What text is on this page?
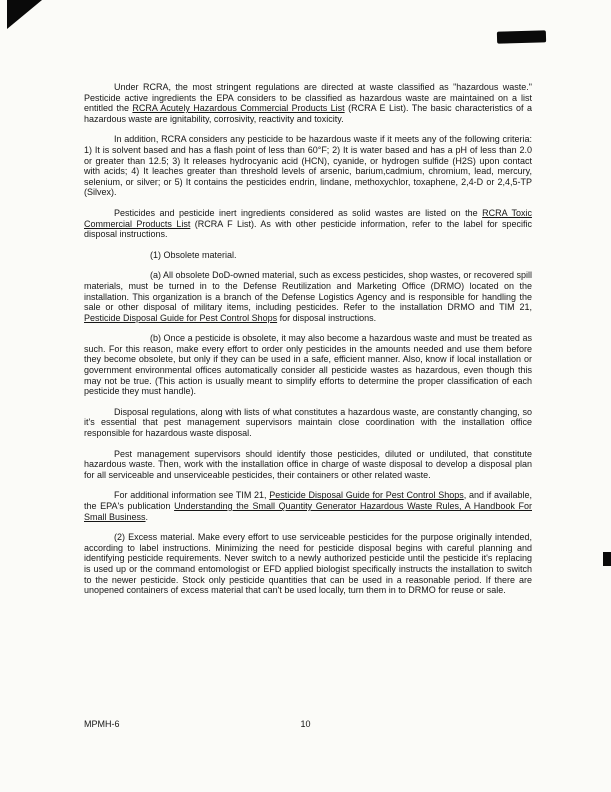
Under RCRA, the most stringent regulations are directed at waste classified as "hazardous waste." Pesticide active ingredients the EPA considers to be classified as hazardous waste are maintained on a list entitled the RCRA Acutely Hazardous Commercial Products List (RCRA E List). The basic characteristics of a hazardous waste are ignitability, corrosivity, reactivity and toxicity.

In addition, RCRA considers any pesticide to be hazardous waste if it meets any of the following criteria: 1) It is solvent based and has a flash point of less than 60°F; 2) It is water based and has a pH of less than 2.0 or greater than 12.5; 3) It releases hydrocyanic acid (HCN), cyanide, or hydrogen sulfide (H2S) upon contact with acids; 4) It leaches greater than threshold levels of arsenic, barium,cadmium, chromium, lead, mercury, selenium, or silver; or 5) It contains the pesticides endrin, lindane, methoxychlor, toxaphene, 2,4-D or 2,4,5-TP (Silvex).

Pesticides and pesticide inert ingredients considered as solid wastes are listed on the RCRA Toxic Commercial Products List (RCRA F List). As with other pesticide information, refer to the label for specific disposal instructions.

(1) Obsolete material.

(a) All obsolete DoD-owned material, such as excess pesticides, shop wastes, or recovered spill materials, must be turned in to the Defense Reutilization and Marketing Office (DRMO) located on the installation. This organization is a branch of the Defense Logistics Agency and is responsible for handling the sale or other disposal of military items, including pesticides. Refer to the installation DRMO and TIM 21, Pesticide Disposal Guide for Pest Control Shops for disposal instructions.

(b) Once a pesticide is obsolete, it may also become a hazardous waste and must be treated as such. For this reason, make every effort to order only pesticides in the amounts needed and use them before they become obsolete, but only if they can be used in a safe, efficient manner. Also, know if local installation or government environmental offices automatically consider all pesticide wastes as hazardous, even though this may not be true. (This action is usually meant to simplify efforts to determine the proper classification of each pesticide they must handle).

Disposal regulations, along with lists of what constitutes a hazardous waste, are constantly changing, so it's essential that pest management supervisors maintain close coordination with the installation office responsible for hazardous waste disposal.

Pest management supervisors should identify those pesticides, diluted or undiluted, that constitute hazardous waste. Then, work with the installation office in charge of waste disposal to develop a disposal plan for all serviceable and unserviceable pesticides, their containers or other related waste.

For additional information see TIM 21, Pesticide Disposal Guide for Pest Control Shops, and if available, the EPA's publication Understanding the Small Quantity Generator Hazardous Waste Rules, A Handbook For Small Business.

(2) Excess material. Make every effort to use serviceable pesticides for the purpose originally intended, according to label instructions. Minimizing the need for pesticide disposal begins with careful planning and identifying pesticide requirements. Never switch to a newly authorized pesticide until the pesticide it's replacing is used up or the command entomologist or EFD applied biologist specifically instructs the installation to switch to the newer pesticide. Stock only pesticide quantities that can be used in a reasonable period. If there are unopened containers of excess material that can't be used locally, turn them in to DRMO for reuse or sale.

MPMH-6	10
